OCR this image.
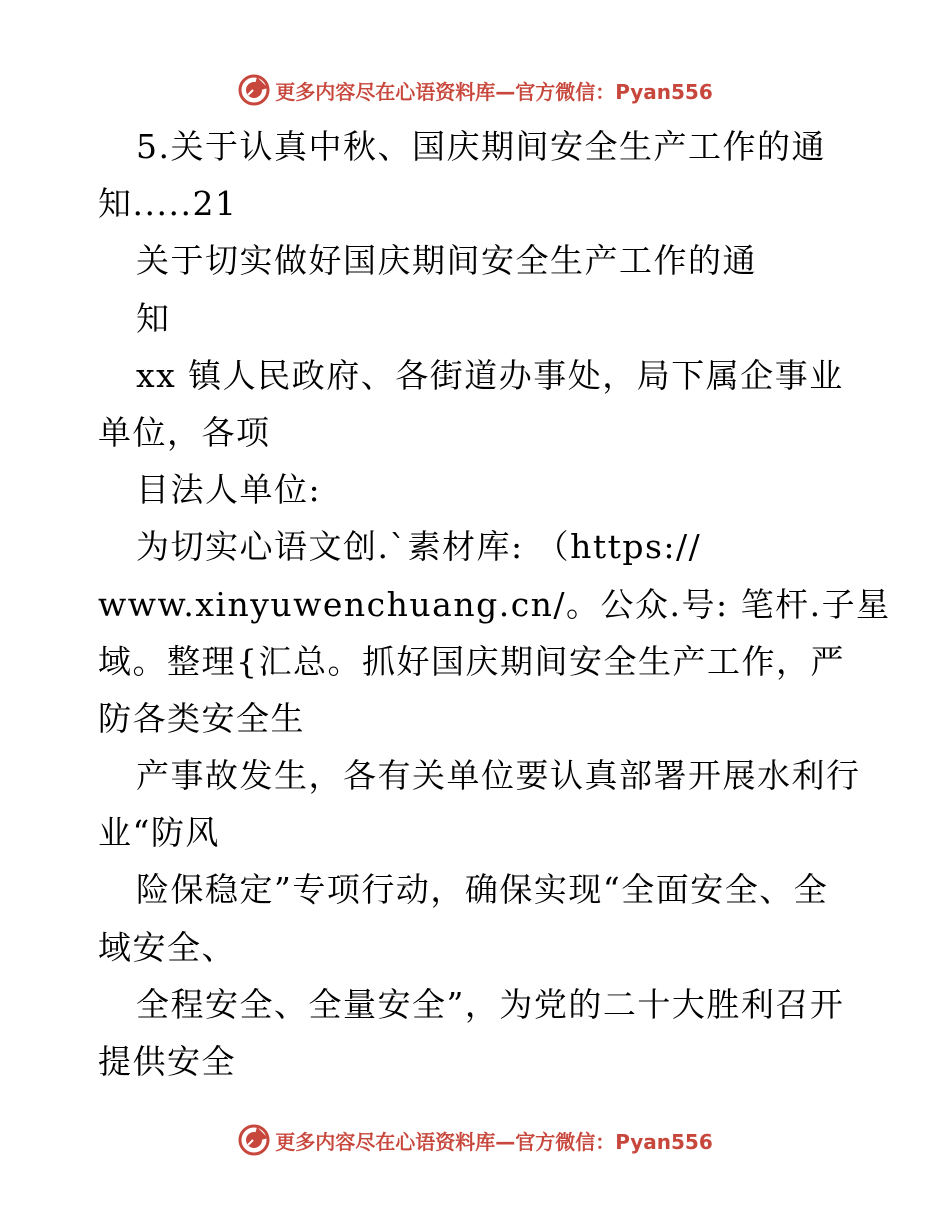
更多内容尽在心语资料库—官方微信：Pyan556
5.关于认真中秋、国庆期间安全生产工作的通
知.....21
关于切实做好国庆期间安全生产工作的通
知
xx 镇人民政府、各街道办事处，局下属企事业
单位，各项
目法人单位:
为切实心语文创.`素材库: （https://
www.xinyuwenchuang.cn/。公众.号: 笔杆.子星
域。整理{汇总。抓好国庆期间安全生产工作，严
防各类安全生
产事故发生，各有关单位要认真部署开展水利行
业“防风
险保稳定”专项行动，确保实现“全面安全、全
域安全、
全程安全、全量安全”，为党的二十大胜利召开
提供安全
更多内容尽在心语资料库—官方微信：Pyan556
